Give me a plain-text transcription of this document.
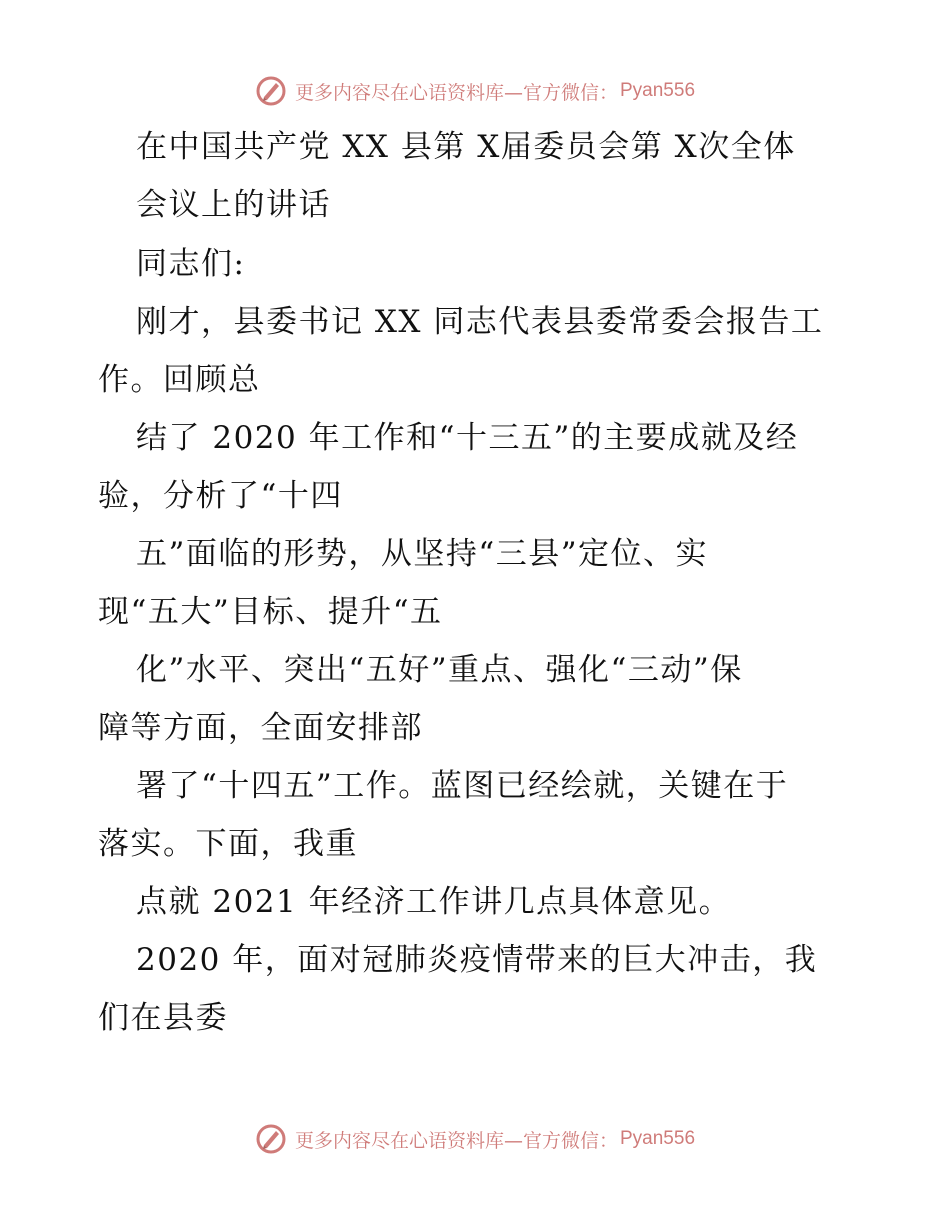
更多内容尽在心语资料库—官方微信： Pyan556
在中国共产党 XX 县第 X届委员会第 X次全体
会议上的讲话
同志们:
刚才，县委书记 XX 同志代表县委常委会报告工
作。回顾总
结了 2020 年工作和“十三五”的主要成就及经
验，分析了“十四
五”面临的形势，从坚持“三县”定位、实
现“五大”目标、提升“五
化”水平、突出“五好”重点、强化“三动”保
障等方面，全面安排部
署了“十四五”工作。蓝图已经绘就，关键在于
落实。下面，我重
点就 2021 年经济工作讲几点具体意见。
2020 年，面对冠肺炎疫情带来的巨大冲击，我
们在县委
更多内容尽在心语资料库—官方微信： Pyan556
